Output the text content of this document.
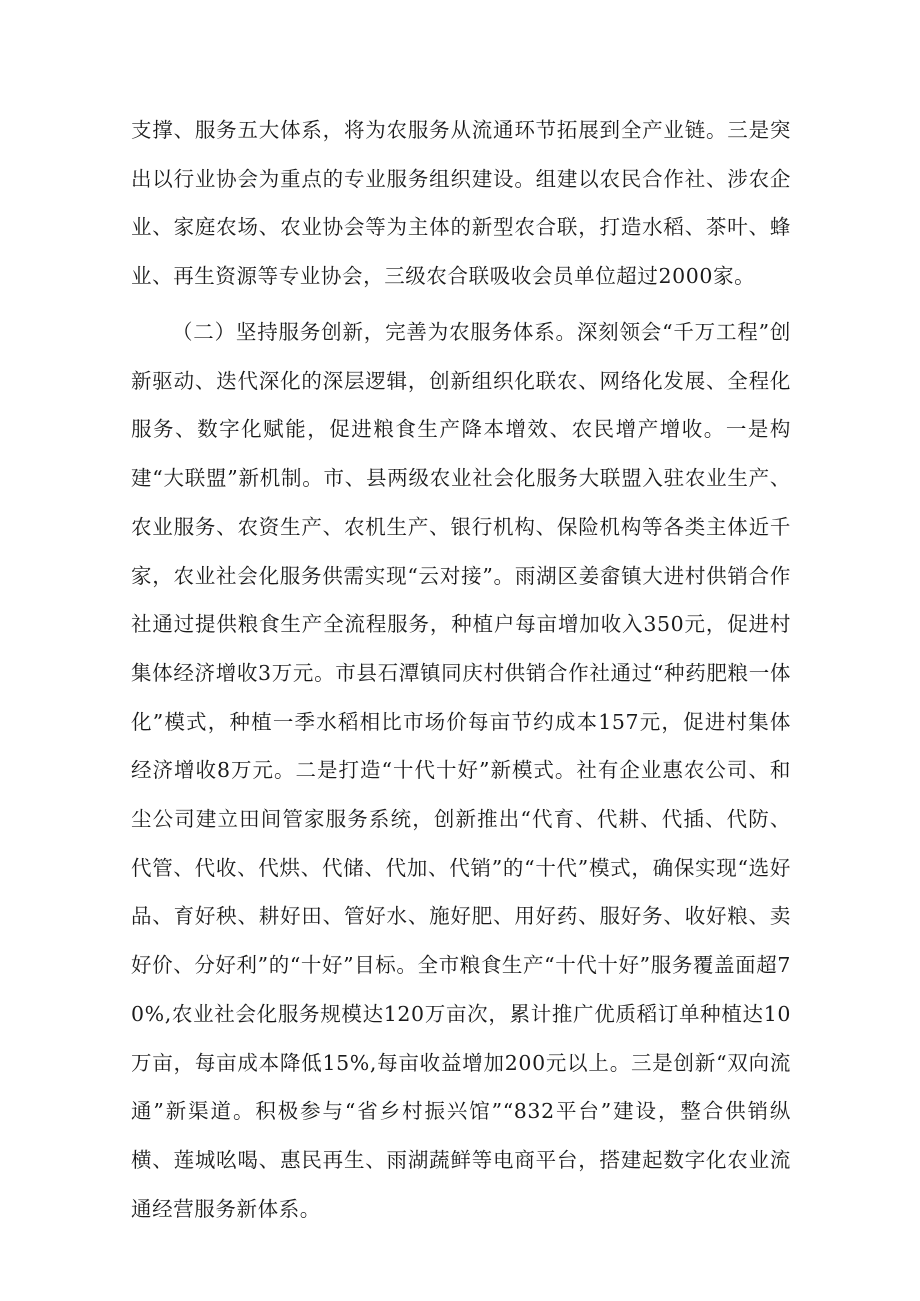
支撑、服务五大体系，将为农服务从流通环节拓展到全产业链。三是突出以行业协会为重点的专业服务组织建设。组建以农民合作社、涉农企业、家庭农场、农业协会等为主体的新型农合联，打造水稻、茶叶、蜂业、再生资源等专业协会，三级农合联吸收会员单位超过2000家。

（二）坚持服务创新，完善为农服务体系。深刻领会“千万工程”创新驱动、迭代深化的深层逻辑，创新组织化联农、网络化发展、全程化服务、数字化赋能，促进粮食生产降本增效、农民增产增收。一是构建“大联盟”新机制。市、县两级农业社会化服务大联盟入驻农业生产、农业服务、农资生产、农机生产、银行机构、保险机构等各类主体近千家，农业社会化服务供需实现“云对接”。雨湖区姜畲镇大进村供销合作社通过提供粮食生产全流程服务，种植户每亩增加收入350元，促进村集体经济增收3万元。市县石潭镇同庆村供销合作社通过“种药肥粮一体化”模式，种植一季水稻相比市场价每亩节约成本157元，促进村集体经济增收8万元。二是打造“十代十好”新模式。社有企业惠农公司、和尘公司建立田间管家服务系统，创新推出“代育、代耕、代插、代防、代管、代收、代烘、代储、代加、代销”的“十代”模式，确保实现“选好品、育好秧、耕好田、管好水、施好肥、用好药、服好务、收好粮、卖好价、分好利”的“十好”目标。全市粮食生产“十代十好”服务覆盖面超70%,农业社会化服务规模达120万亩次，累计推广优质稻订单种植达10万亩，每亩成本降低15%,每亩收益增加200元以上。三是创新“双向流通”新渠道。积极参与“省乡村振兴馆”“832平台”建设，整合供销纵横、莲城吆喝、惠民再生、雨湖蔬鲜等电商平台，搭建起数字化农业流通经营服务新体系。
